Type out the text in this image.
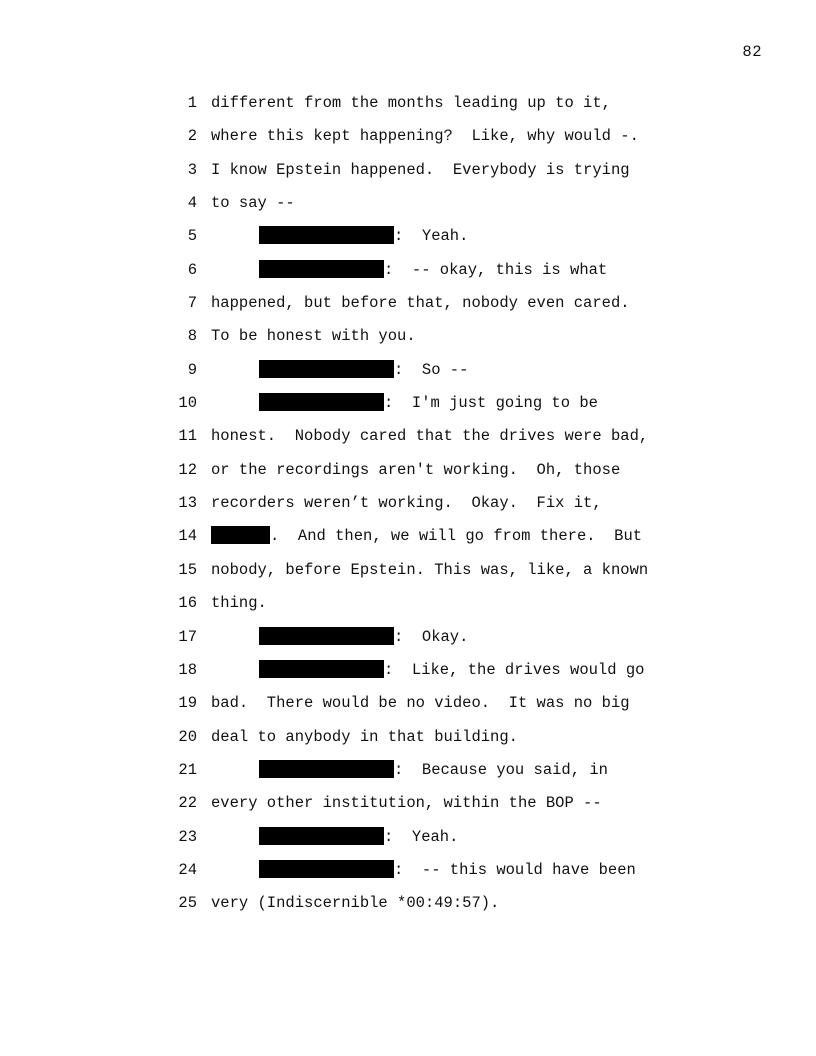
82

1

different from the months leading up to it,

2

where this kept happening?  Like, why would -.

3

I know Epstein happened.  Everybody is trying

4

to say --

5

	:  Yeah.

6

	:  -- okay, this is what

7

happened, but before that, nobody even cared.

8

To be honest with you.

9

	:  So --

10

	:  I'm just going to be

11

honest.  Nobody cared that the drives were bad,

12

or the recordings aren't working.  Oh, those

13

recorders weren’t working.  Okay.  Fix it,

14

	.  And then, we will go from there.  But

15

nobody, before Epstein. This was, like, a known

16

thing.

17

	:  Okay.

18

	:  Like, the drives would go

19

bad.  There would be no video.  It was no big

20

deal to anybody in that building.

21

	:  Because you said, in

22

every other institution, within the BOP --

23

	:  Yeah.

24

	:  -- this would have been

25

very (Indiscernible *00:49:57).
